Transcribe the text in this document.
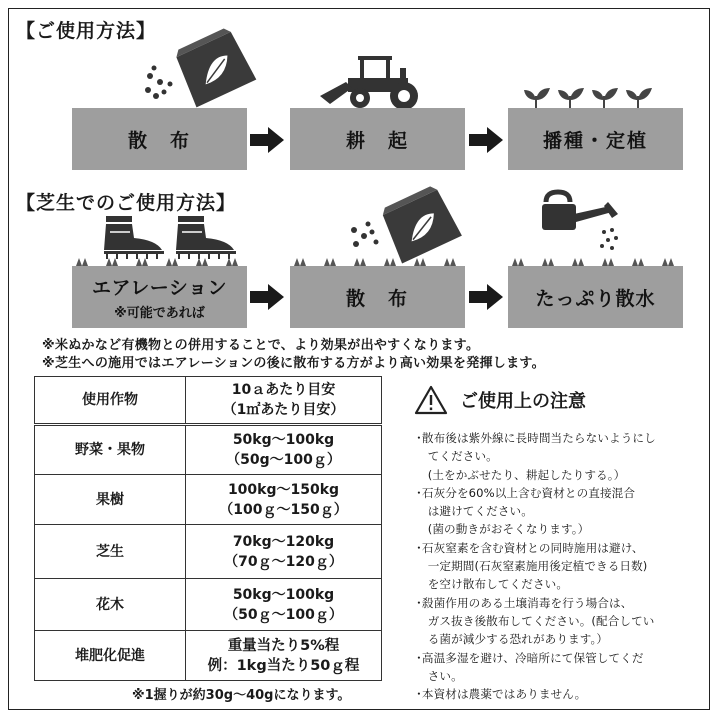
【ご使用方法】
散　布	耕　起	播種・定植
【芝生でのご使用方法】
エアレーション
※可能であれば
散　布	たっぷり散水
※米ぬかなど有機物との併用することで、より効果が出やすくなります。
※芝生への施用ではエアレーションの後に散布する方がより高い効果を発揮します。
使用作物	10ａあたり目安
（1㎡あたり目安）

野菜・果物	50kg～100kg
（50g～100ｇ）

果樹	100kg～150kg
（100ｇ～150ｇ）

芝生	70kg～120kg
（70ｇ～120ｇ）

花木	50kg～100kg
（50ｇ～100ｇ）

堆肥化促進	重量当たり5%程
例：1kg当たり50ｇ程
※1握りが約30g～40gになります。
ご使用上の注意
･散布後は紫外線に長時間当たらないようにし
　てください。
　(土をかぶせたり、耕起したりする。）
･石灰分を60%以上含む資材との直接混合
　は避けてください。
　(菌の動きがおそくなります。）
･石灰窒素を含む資材との同時施用は避け、
　一定期間(石灰窒素施用後定植できる日数)
　を空け散布してください。
･殺菌作用のある土壌消毒を行う場合は、
　ガス抜き後散布してください。(配合してい
　る菌が減少する恐れがあります。）
･高温多湿を避け、冷暗所にて保管してくだ
　さい。
･本資材は農薬ではありません。
